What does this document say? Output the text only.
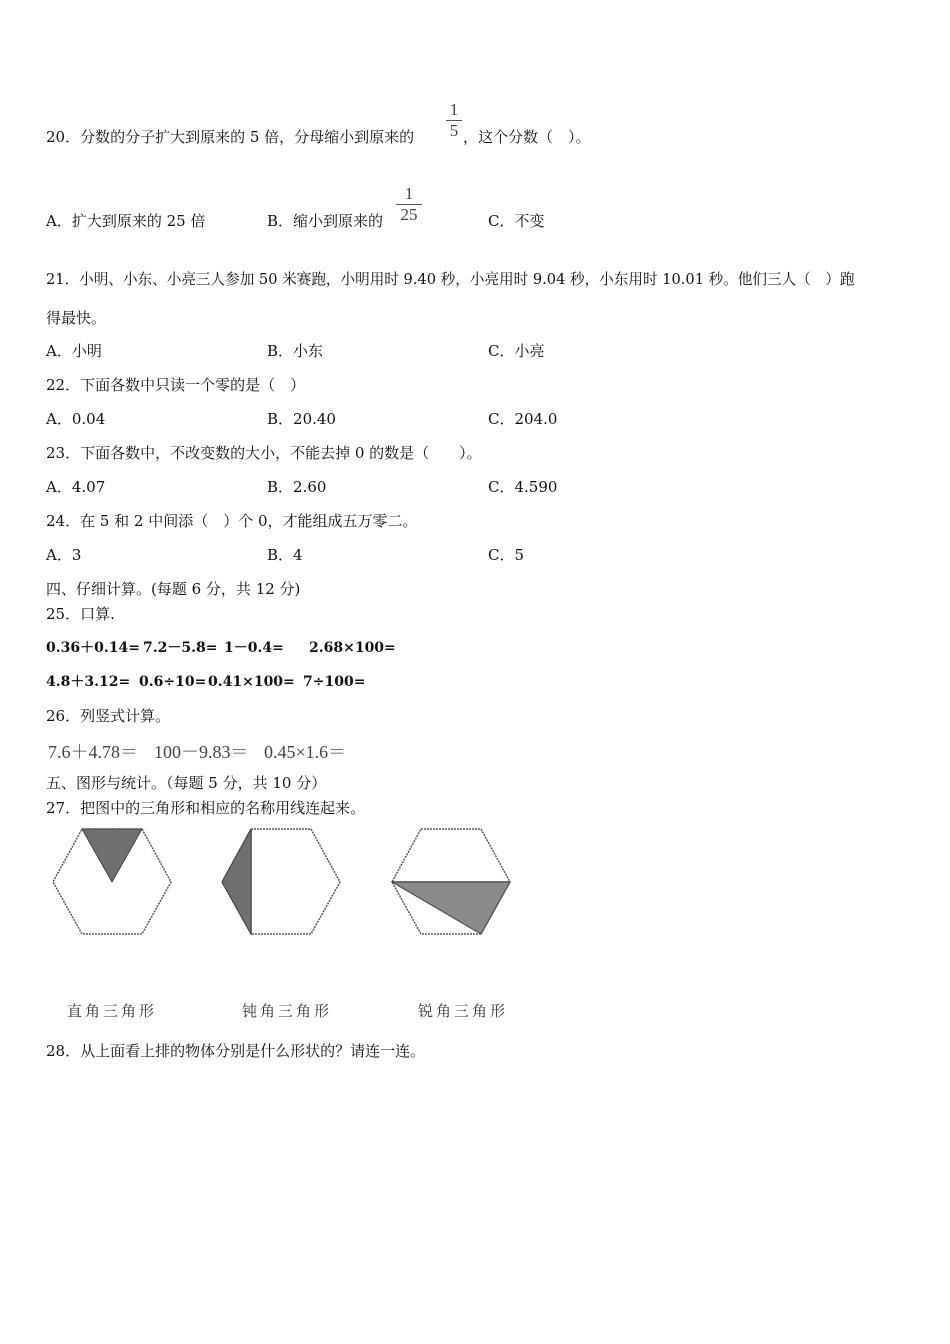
20．分数的分子扩大到原来的 5 倍，分母缩小到原来的
1
5 ，这个分数（　）。
A．扩大到原来的 25 倍	B．缩小到原来的
1
25	C．不变
21．小明、小东、小亮三人参加 50 米赛跑，小明用时 9.40 秒，小亮用时 9.04 秒，小东用时 10.01 秒。他们三人（　）跑
得最快。
A．小明	B．小东	C．小亮
22．下面各数中只读一个零的是（　）
A．0.04	B．20.40	C．204.0
23．下面各数中，不改变数的大小，不能去掉 0 的数是（　　）。
A．4.07	B．2.60	C．4.590
24．在 5 和 2 中间添（　）个 0，才能组成五万零二。
A．3	B．4	C．5
四、仔细计算。(每题 6 分，共 12 分)
25．口算.
0.36＋0.14= 7.2－5.8= 1－0.4= 2.68×100=
4.8＋3.12= 0.6÷10= 0.41×100= 7÷100=
26．列竖式计算。
7.6＋4.78＝ 100－9.83＝ 0.45×1.6＝
五、图形与统计。（每题 5 分，共 10 分）
27．把图中的三角形和相应的名称用线连起来。
直角三角形	钝角三角形	锐角三角形
28．从上面看上排的物体分别是什么形状的？请连一连。
